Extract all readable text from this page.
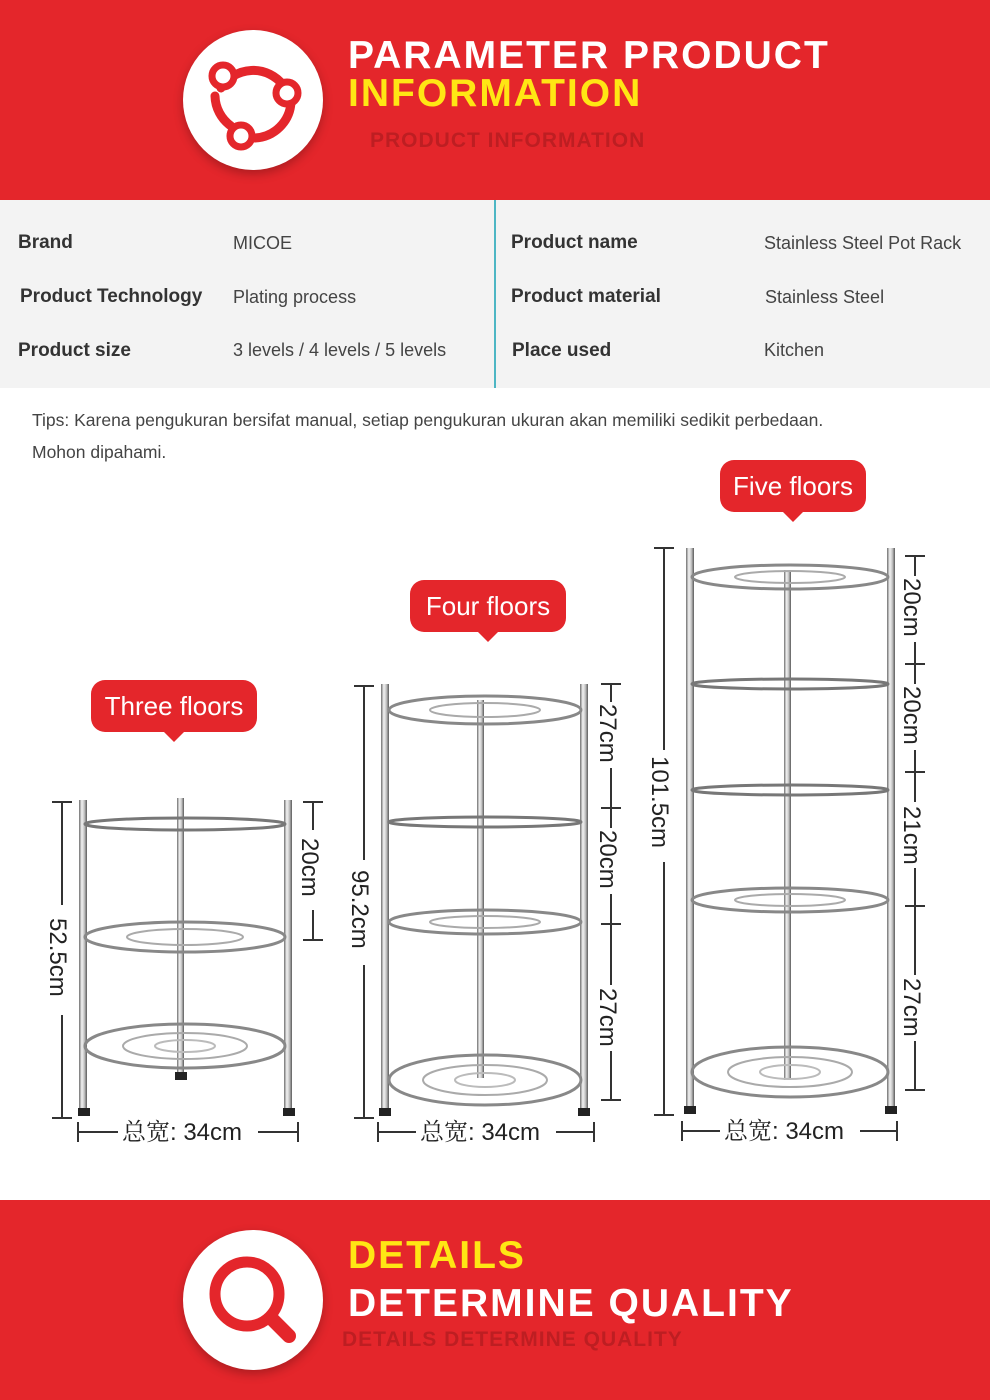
PARAMETER PRODUCT
INFORMATION
PRODUCT INFORMATION
Brand	MICOE
Product Technology Plating process
Product size	3 levels / 4 levels / 5 levels
Product name	Stainless Steel Pot Rack
Product material	Stainless Steel
Place used	Kitchen
Tips: Karena pengukuran bersifat manual, setiap pengukuran ukuran akan memiliki sedikit perbedaan.
Mohon dipahami.
Three floors
Four floors
Five floors
52.5cm
20cm
总宽: 34cm
95.2cm
27cm
20cm
27cm
总宽: 34cm
101.5cm
20cm
20cm
21cm
27cm
总宽: 34cm
DETAILS
DETERMINE QUALITY
DETAILS DETERMINE QUALITY
